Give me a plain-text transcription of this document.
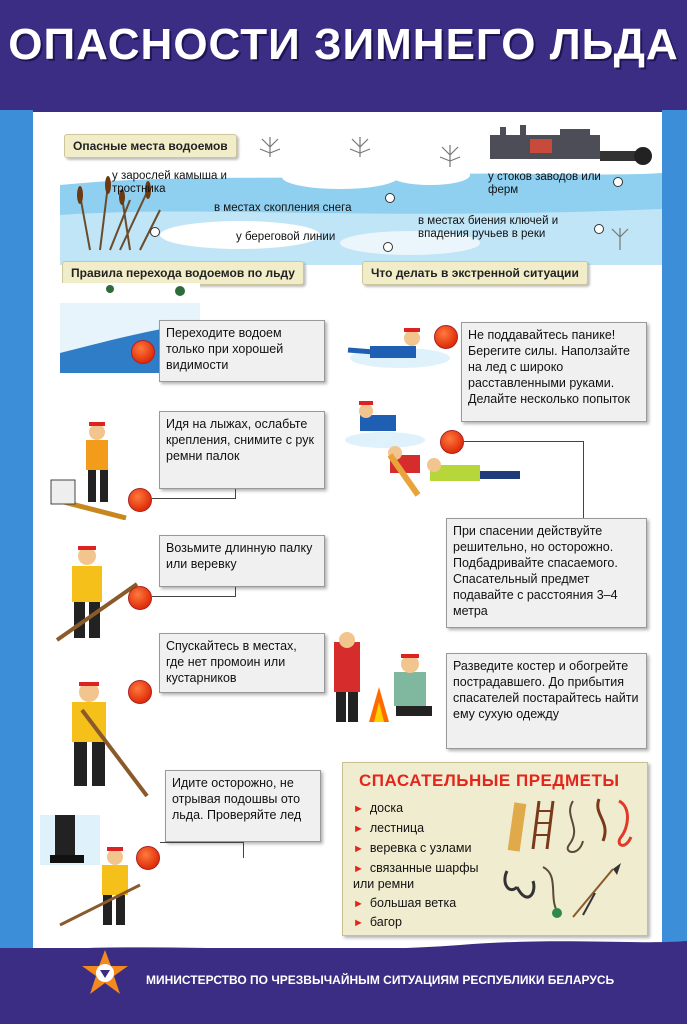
ОПАСНОСТИ ЗИМНЕГО ЛЬДА
Опасные места водоемов
у зарослей камыша и тростника
в местах скопления снега
у береговой линии
у стоков заводов или ферм
в местах биения ключей и впадения ручьев в реки
Правила перехода водоемов по льду	Что делать в экстренной ситуации
Переходите водоем только при хорошей видимости
Идя на лыжах, ослабьте крепления, снимите с рук ремни палок
Возьмите длинную палку или веревку
Спускайтесь в местах, где нет промоин или кустарников
Идите осторожно, не отрывая подошвы ото льда. Проверяйте лед
Не поддавайтесь панике! Берегите силы. Наползайте на лед с широко расставленными руками. Делайте несколько попыток
При спасении действуйте решительно, но осторожно. Подбадривайте спасаемого. Спасательный предмет подавайте с расстояния 3–4 метра
Разведите костер и обогрейте пострадавшего. До прибытия спасателей постарайтесь найти ему сухую одежду
СПАСАТЕЛЬНЫЕ ПРЕДМЕТЫ
► доска
► лестница
► веревка с узлами
► связанные шарфы или ремни
► большая ветка
► багор
МИНИСТЕРСТВО ПО ЧРЕЗВЫЧАЙНЫМ СИТУАЦИЯМ РЕСПУБЛИКИ БЕЛАРУСЬ
